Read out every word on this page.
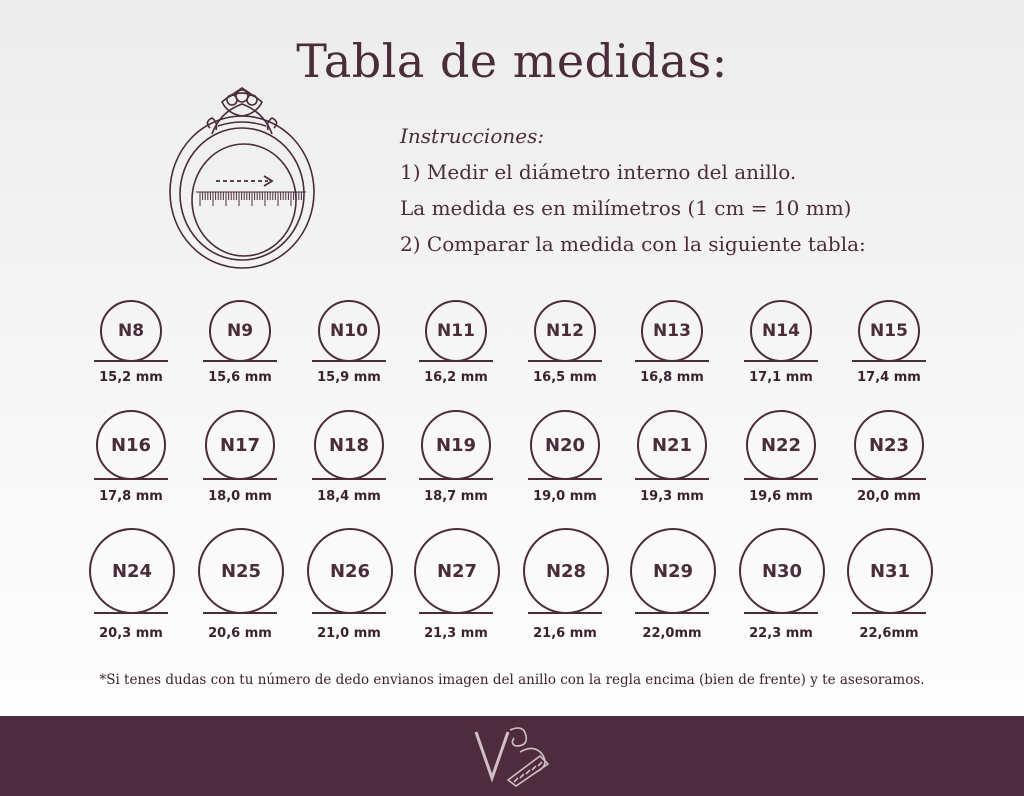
Tabla de medidas:
Instrucciones:
1) Medir el diámetro interno del anillo.
La medida es en milímetros (1 cm = 10 mm)
2) Comparar la medida con la siguiente tabla:
N8
15,2 mm
N9
15,6 mm
N10
15,9 mm
N11
16,2 mm
N12
16,5 mm
N13
16,8 mm
N14
17,1 mm
N15
17,4 mm
N16
17,8 mm
N17
18,0 mm
N18
18,4 mm
N19
18,7 mm
N20
19,0 mm
N21
19,3 mm
N22
19,6 mm
N23
20,0 mm
N24
20,3 mm
N25
20,6 mm
N26
21,0 mm
N27
21,3 mm
N28
21,6 mm
N29
22,0mm
N30
22,3 mm
N31
22,6mm
*Si tenes dudas con tu número de dedo envianos imagen del anillo con la regla encima (bien de frente) y te asesoramos.
